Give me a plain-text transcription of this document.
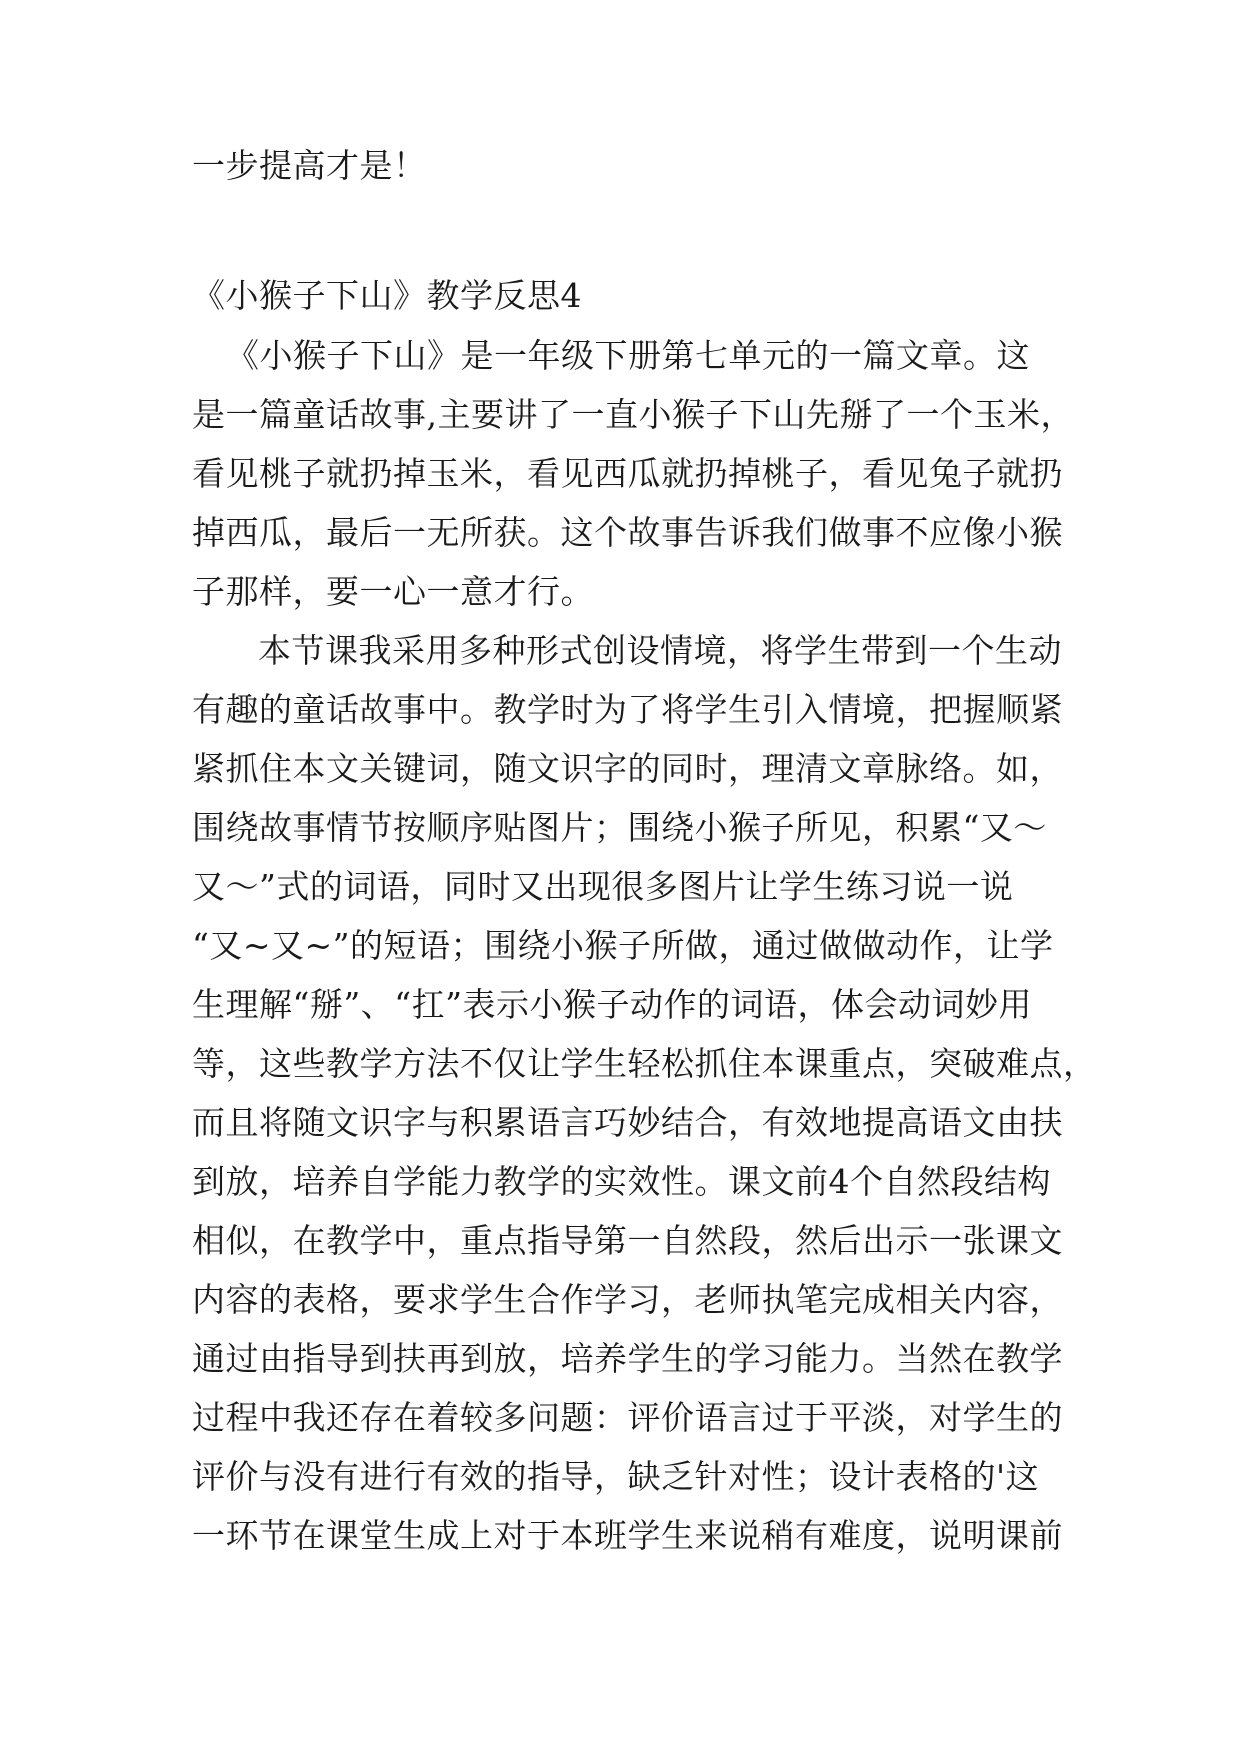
一步提高才是！
《小猴子下山》教学反思4
《小猴子下山》是一年级下册第七单元的一篇文章。这
是一篇童话故事,主要讲了一直小猴子下山先掰了一个玉米，
看见桃子就扔掉玉米，看见西瓜就扔掉桃子，看见兔子就扔
掉西瓜，最后一无所获。这个故事告诉我们做事不应像小猴
子那样，要一心一意才行。
本节课我采用多种形式创设情境，将学生带到一个生动
有趣的童话故事中。教学时为了将学生引入情境，把握顺紧
紧抓住本文关键词，随文识字的同时，理清文章脉络。如，
围绕故事情节按顺序贴图片；围绕小猴子所见，积累“又～
又～”式的词语，同时又出现很多图片让学生练习说一说
“又~又~”的短语；围绕小猴子所做，通过做做动作，让学
生理解“掰”、“扛”表示小猴子动作的词语，体会动词妙用
等，这些教学方法不仅让学生轻松抓住本课重点，突破难点，
而且将随文识字与积累语言巧妙结合，有效地提高语文由扶
到放，培养自学能力教学的实效性。课文前4个自然段结构
相似，在教学中，重点指导第一自然段，然后出示一张课文
内容的表格，要求学生合作学习，老师执笔完成相关内容，
通过由指导到扶再到放，培养学生的学习能力。当然在教学
过程中我还存在着较多问题：评价语言过于平淡，对学生的
评价与没有进行有效的指导，缺乏针对性；设计表格的'这
一环节在课堂生成上对于本班学生来说稍有难度，说明课前
